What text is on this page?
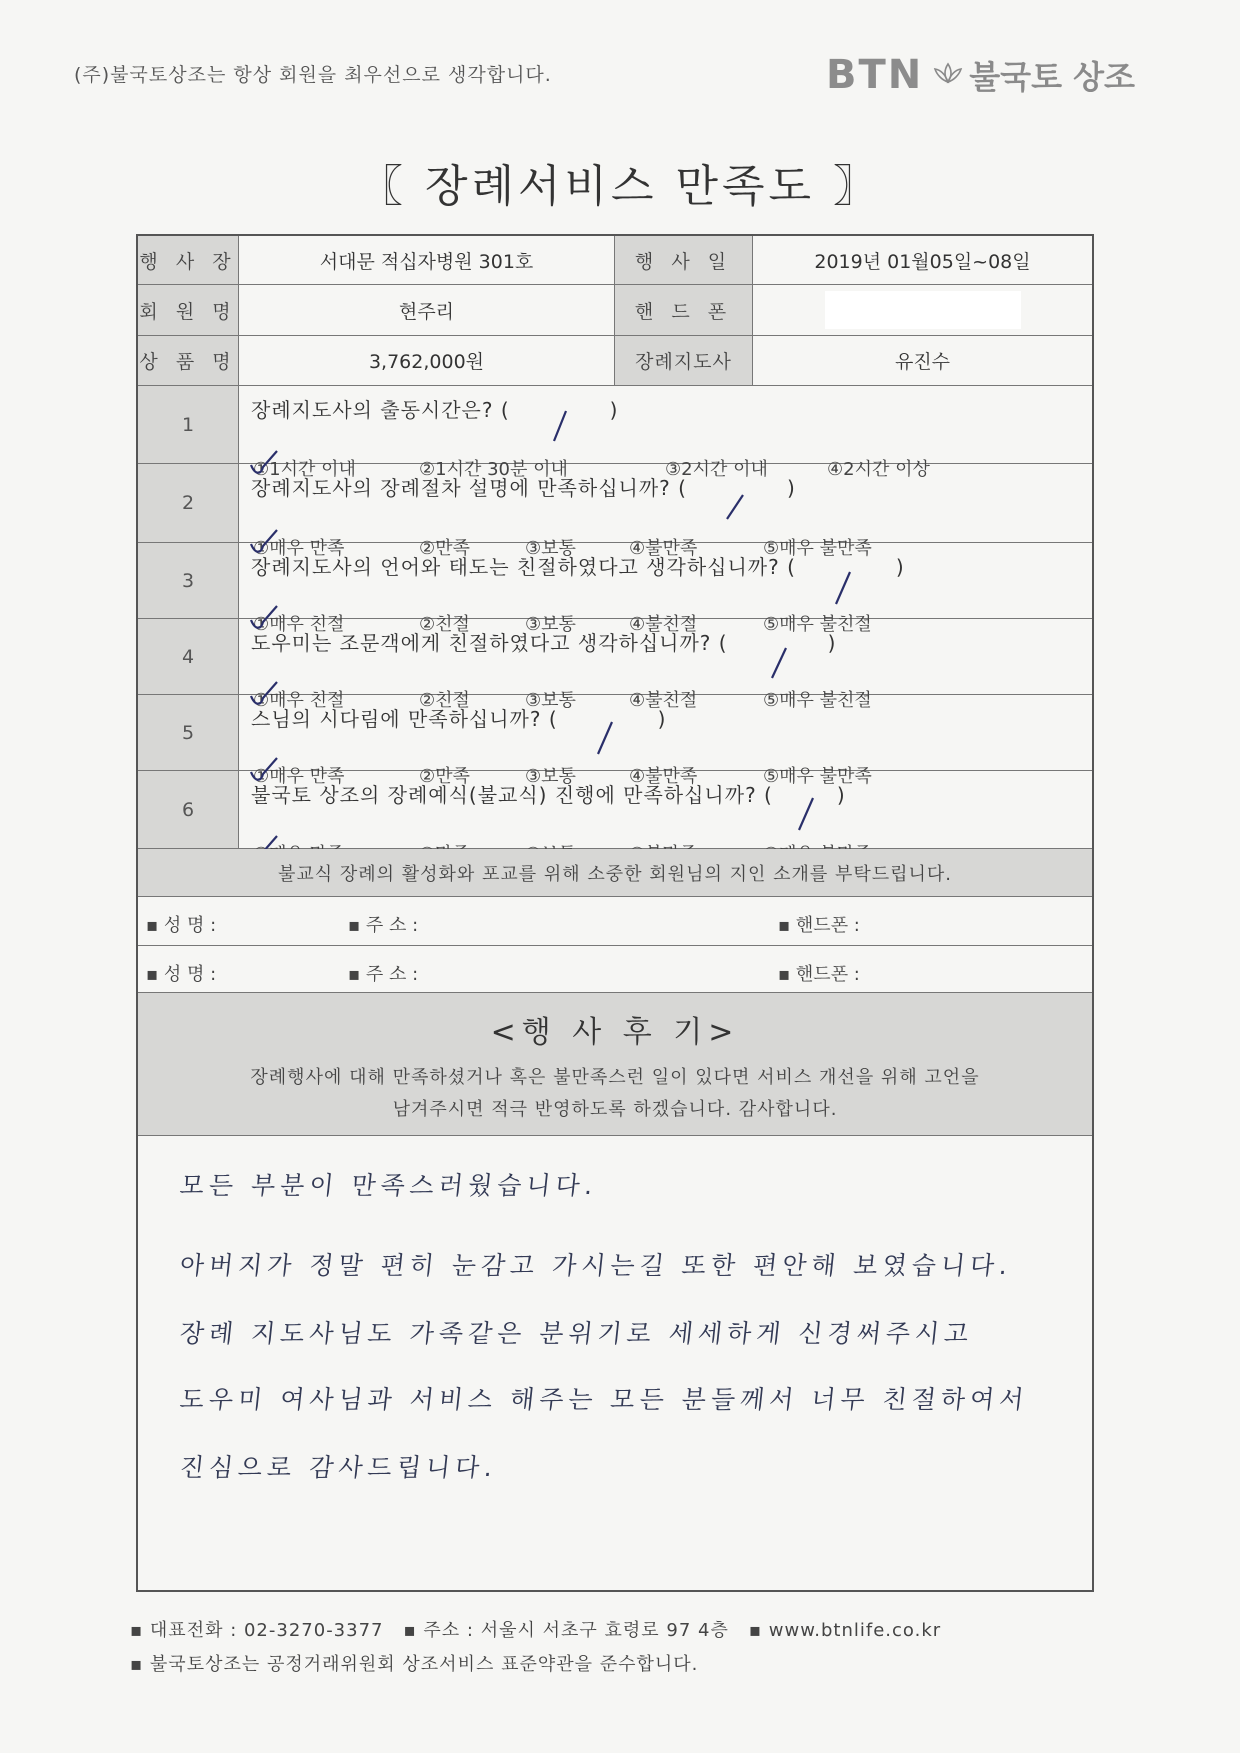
(주)불국토상조는 항상 회원을 최우선으로 생각합니다.	BTN 불국토 상조
〖 장례서비스 만족도 〗
행 사 장	서대문 적십자병원 301호	행 사 일	2019년 01월05일~08일
회 원 명	현주리	핸 드 폰
상 품 명	3,762,000원	장례지도사	유진수
1
장례지도사의 출동시간은? (	)
①1시간 이내	②1시간 30분 이내	③2시간 이내	④2시간 이상
2
장례지도사의 장례절차 설명에 만족하십니까? (	)
①매우 만족	②만족	③보통	④불만족	⑤매우 불만족
3
장례지도사의 언어와 태도는 친절하였다고 생각하십니까? (	)
①매우 친절	②친절	③보통	④불친절	⑤매우 불친절
4
도우미는 조문객에게 친절하였다고 생각하십니까? (	)
①매우 친절	②친절	③보통	④불친절	⑤매우 불친절
5
스님의 시다림에 만족하십니까? (	)
①매우 만족	②만족	③보통	④불만족	⑤매우 불만족
6
불국토 상조의 장례예식(불교식) 진행에 만족하십니까? (	)
불교식 장례의 활성화와 포교를 위해 소중한 회원님의 지인 소개를 부탁드립니다.
▪ 성 명 :	▪ 주 소 :	▪ 핸드폰 :
▪ 성 명 :	▪ 주 소 :	▪ 핸드폰 :
<행 사 후 기>
장례행사에 대해 만족하셨거나 혹은 불만족스런 일이 있다면 서비스 개선을 위해 고언을
남겨주시면 적극 반영하도록 하겠습니다. 감사합니다.
모든 부분이 만족스러웠습니다.
아버지가 정말 편히 눈감고 가시는길 또한 편안해 보였습니다.
장례 지도사님도 가족같은 분위기로 세세하게 신경써주시고
도우미 여사님과 서비스 해주는 모든 분들께서 너무 친절하여서
진심으로 감사드립니다.
▪ 대표전화 : 02-3270-3377 ▪ 주소 : 서울시 서초구 효령로 97 4층 ▪ www.btnlife.co.kr
▪ 불국토상조는 공정거래위원회 상조서비스 표준약관을 준수합니다.
